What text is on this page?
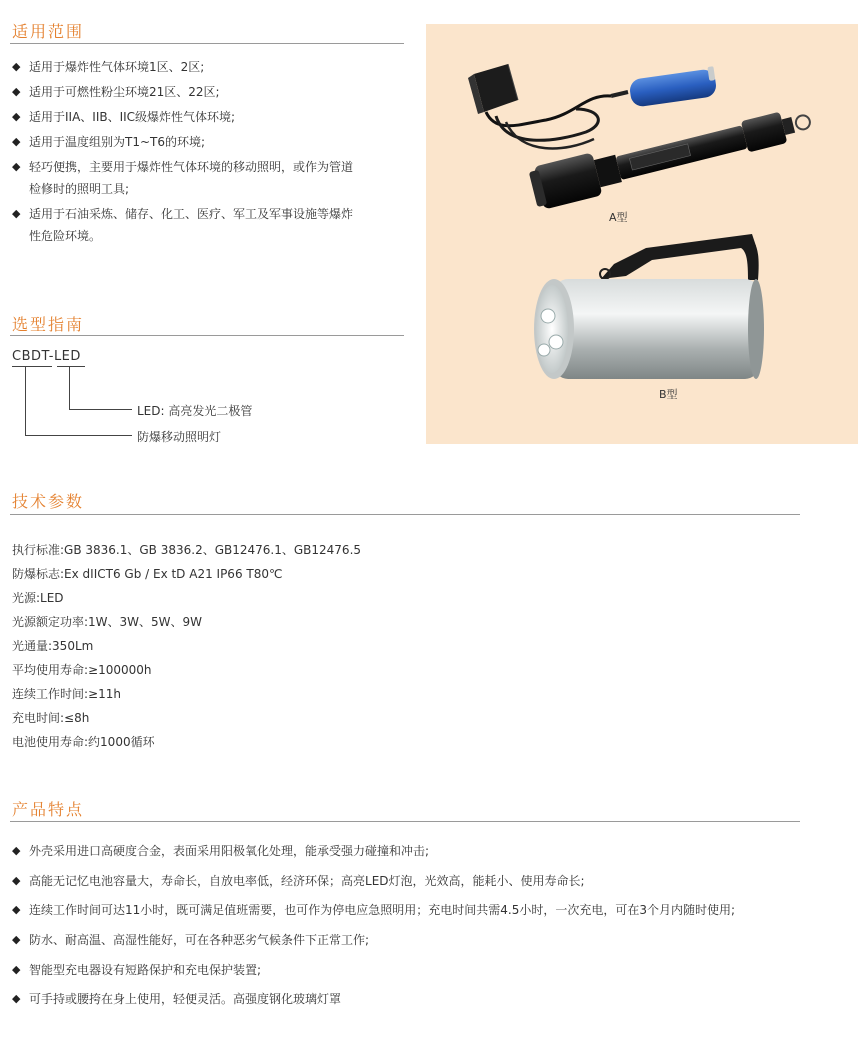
适用范围
◆ 适用于爆炸性气体环境1区、2区;
◆ 适用于可燃性粉尘环境21区、22区;
◆ 适用于IIA、IIB、IIC级爆炸性气体环境;
◆ 适用于温度组别为T1~T6的环境;
◆ 轻巧便携，主要用于爆炸性气体环境的移动照明，或作为管道
检修时的照明工具;
◆ 适用于石油采炼、储存、化工、医疗、军工及军事设施等爆炸
性危险环境。
A型
B型
选型指南
CBDT-LED
LED: 高亮发光二极管
防爆移动照明灯
技术参数
执行标准:GB 3836.1、GB 3836.2、GB12476.1、GB12476.5
防爆标志:Ex dIICT6 Gb / Ex tD A21 IP66 T80℃
光源:LED
光源额定功率:1W、3W、5W、9W
光通量:350Lm
平均使用寿命:≥100000h
连续工作时间:≥11h
充电时间:≤8h
电池使用寿命:约1000循环
产品特点
◆ 外壳采用进口高硬度合金，表面采用阳极氧化处理，能承受强力碰撞和冲击;
◆ 高能无记忆电池容量大，寿命长，自放电率低，经济环保；高亮LED灯泡，光效高，能耗小、使用寿命长;
◆ 连续工作时间可达11小时，既可满足值班需要，也可作为停电应急照明用；充电时间共需4.5小时，一次充电，可在3个月内随时使用;
◆ 防水、耐高温、高湿性能好，可在各种恶劣气候条件下正常工作;
◆ 智能型充电器设有短路保护和充电保护装置;
◆ 可手持或腰挎在身上使用，轻便灵活。高强度钢化玻璃灯罩
